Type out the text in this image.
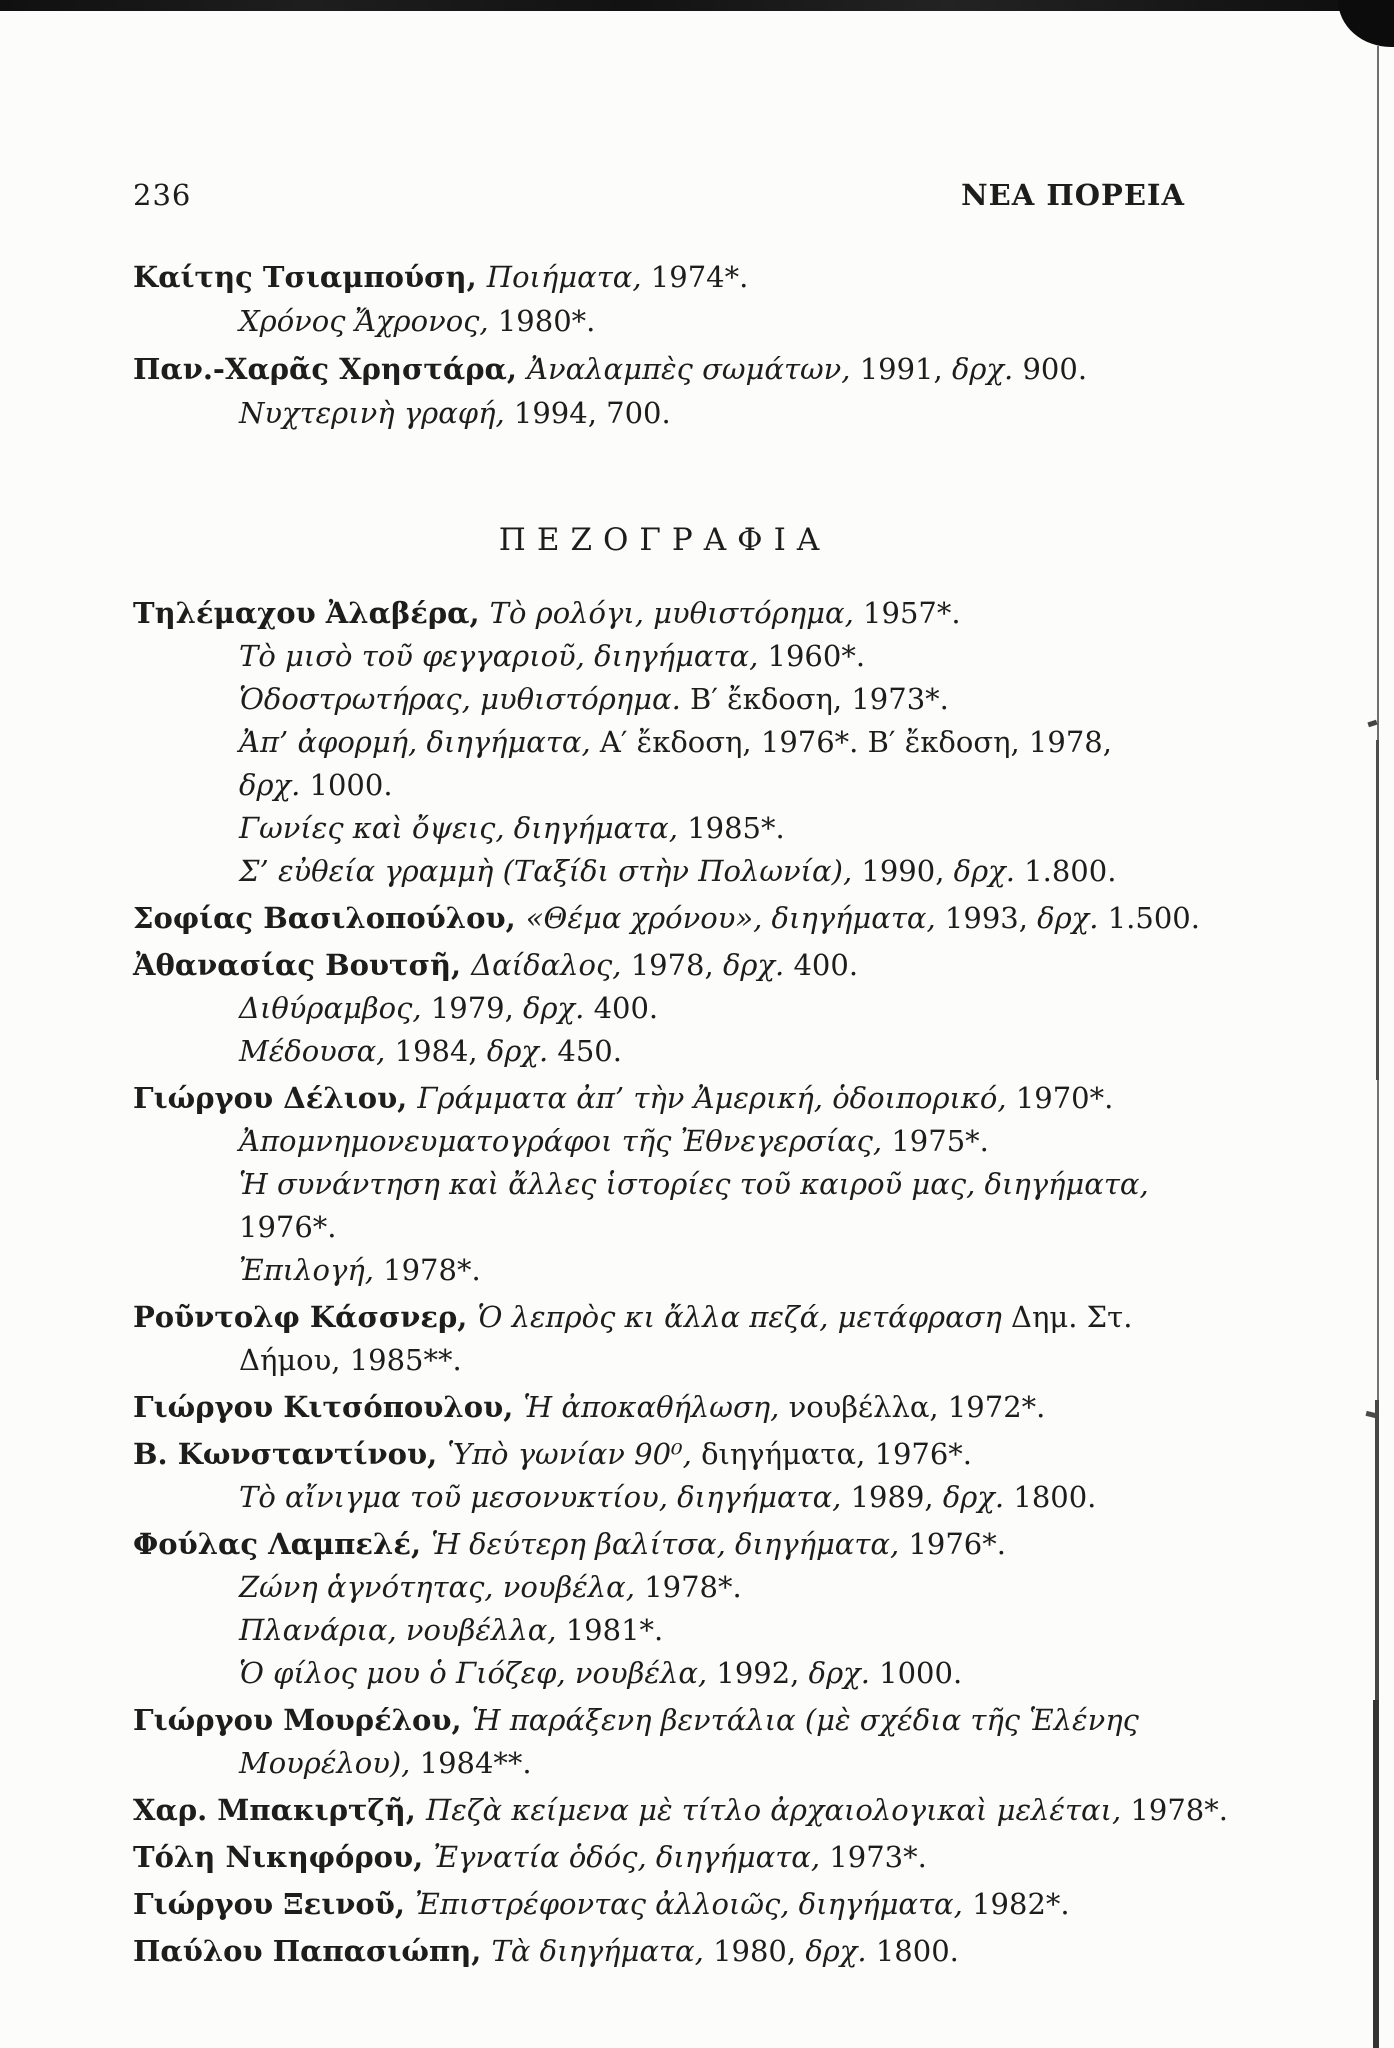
236	ΝΕΑ ΠΟΡΕΙΑ

Καίτης Τσιαμπούση, Ποιήματα, 1974*.

Χρόνος Ἄχρονος, 1980*.

Παν.-Χαρᾶς Χρηστάρα, Ἀναλαμπὲς σωμάτων, 1991, δρχ. 900.

Νυχτερινὴ γραφή, 1994, 700.

ΠΕΖΟΓΡΑΦΙΑ

Τηλέμαχου Ἀλαβέρα, Τὸ ρολόγι, μυθιστόρημα, 1957*.

Τὸ μισὸ τοῦ φεγγαριοῦ, διηγήματα, 1960*.

Ὁδοστρωτήρας, μυθιστόρημα. Β′ ἔκδοση, 1973*.

Ἀπ’ ἀφορμή, διηγήματα, Α′ ἔκδοση, 1976*. Β′ ἔκδοση, 1978,

δρχ. 1000.

Γωνίες καὶ ὄψεις, διηγήματα, 1985*.

Σ’ εὐθεία γραμμὴ (Ταξίδι στὴν Πολωνία), 1990, δρχ. 1.800.

Σοφίας Βασιλοπούλου, «Θέμα χρόνου», διηγήματα, 1993, δρχ. 1.500.

Ἀθανασίας Βουτσῆ, Δαίδαλος, 1978, δρχ. 400.

Διθύραμβος, 1979, δρχ. 400.

Μέδουσα, 1984, δρχ. 450.

Γιώργου Δέλιου, Γράμματα ἀπ’ τὴν Ἀμερική, ὁδοιπορικό, 1970*.

Ἀπομνημονευματογράφοι τῆς Ἐθνεγερσίας, 1975*.

Ἡ συνάντηση καὶ ἄλλες ἱστορίες τοῦ καιροῦ μας, διηγήματα,

1976*.

Ἐπιλογή, 1978*.

Ροῦντολφ Κάσσνερ, Ὁ λεπρὸς κι ἄλλα πεζά, μετάφραση Δημ. Στ.

Δήμου, 1985**.

Γιώργου Κιτσόπουλου, Ἡ ἀποκαθήλωση, νουβέλλα, 1972*.

Β. Κωνσταντίνου, Ὑπὸ γωνίαν 90⁰, διηγήματα, 1976*.

Τὸ αἴνιγμα τοῦ μεσονυκτίου, διηγήματα, 1989, δρχ. 1800.

Φούλας Λαμπελέ, Ἡ δεύτερη βαλίτσα, διηγήματα, 1976*.

Ζώνη ἁγνότητας, νουβέλα, 1978*.

Πλανάρια, νουβέλλα, 1981*.

Ὁ φίλος μου ὁ Γιόζεφ, νουβέλα, 1992, δρχ. 1000.

Γιώργου Μουρέλου, Ἡ παράξενη βεντάλια (μὲ σχέδια τῆς Ἑλένης

Μουρέλου), 1984**.

Χαρ. Μπακιρτζῆ, Πεζὰ κείμενα μὲ τίτλο ἀρχαιολογικαὶ μελέται, 1978*.

Τόλη Νικηφόρου, Ἐγνατία ὁδός, διηγήματα, 1973*.

Γιώργου Ξεινοῦ, Ἐπιστρέφοντας ἀλλοιῶς, διηγήματα, 1982*.

Παύλου Παπασιώπη, Τὰ διηγήματα, 1980, δρχ. 1800.
